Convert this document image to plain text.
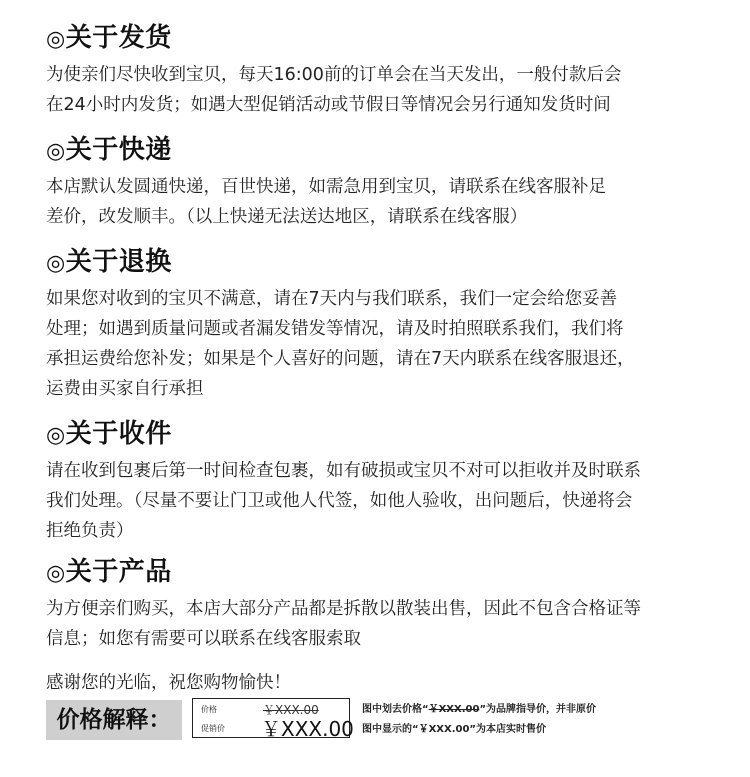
◎关于发货
为使亲们尽快收到宝贝，每天16:00前的订单会在当天发出，一般付款后会
在24小时内发货；如遇大型促销活动或节假日等情况会另行通知发货时间
◎关于快递
本店默认发圆通快递，百世快递，如需急用到宝贝，请联系在线客服补足
差价，改发顺丰。（以上快递无法送达地区，请联系在线客服）
◎关于退换
如果您对收到的宝贝不满意，请在7天内与我们联系，我们一定会给您妥善
处理；如遇到质量问题或者漏发错发等情况，请及时拍照联系我们，我们将
承担运费给您补发；如果是个人喜好的问题，请在7天内联系在线客服退还，
运费由买家自行承担
◎关于收件
请在收到包裹后第一时间检查包裹，如有破损或宝贝不对可以拒收并及时联系
我们处理。（尽量不要让门卫或他人代签，如他人验收，出问题后，快递将会
拒绝负责）
◎关于产品
为方便亲们购买，本店大部分产品都是拆散以散装出售，因此不包含合格证等
信息；如您有需要可以联系在线客服索取
感谢您的光临，祝您购物愉快！
价格解释：	价格	￥XXX.00
促销价 ￥XXX.00
图中划去价格“￥XXX.00”为品牌指导价，并非原价
图中显示的“￥XXX.00”为本店实时售价
